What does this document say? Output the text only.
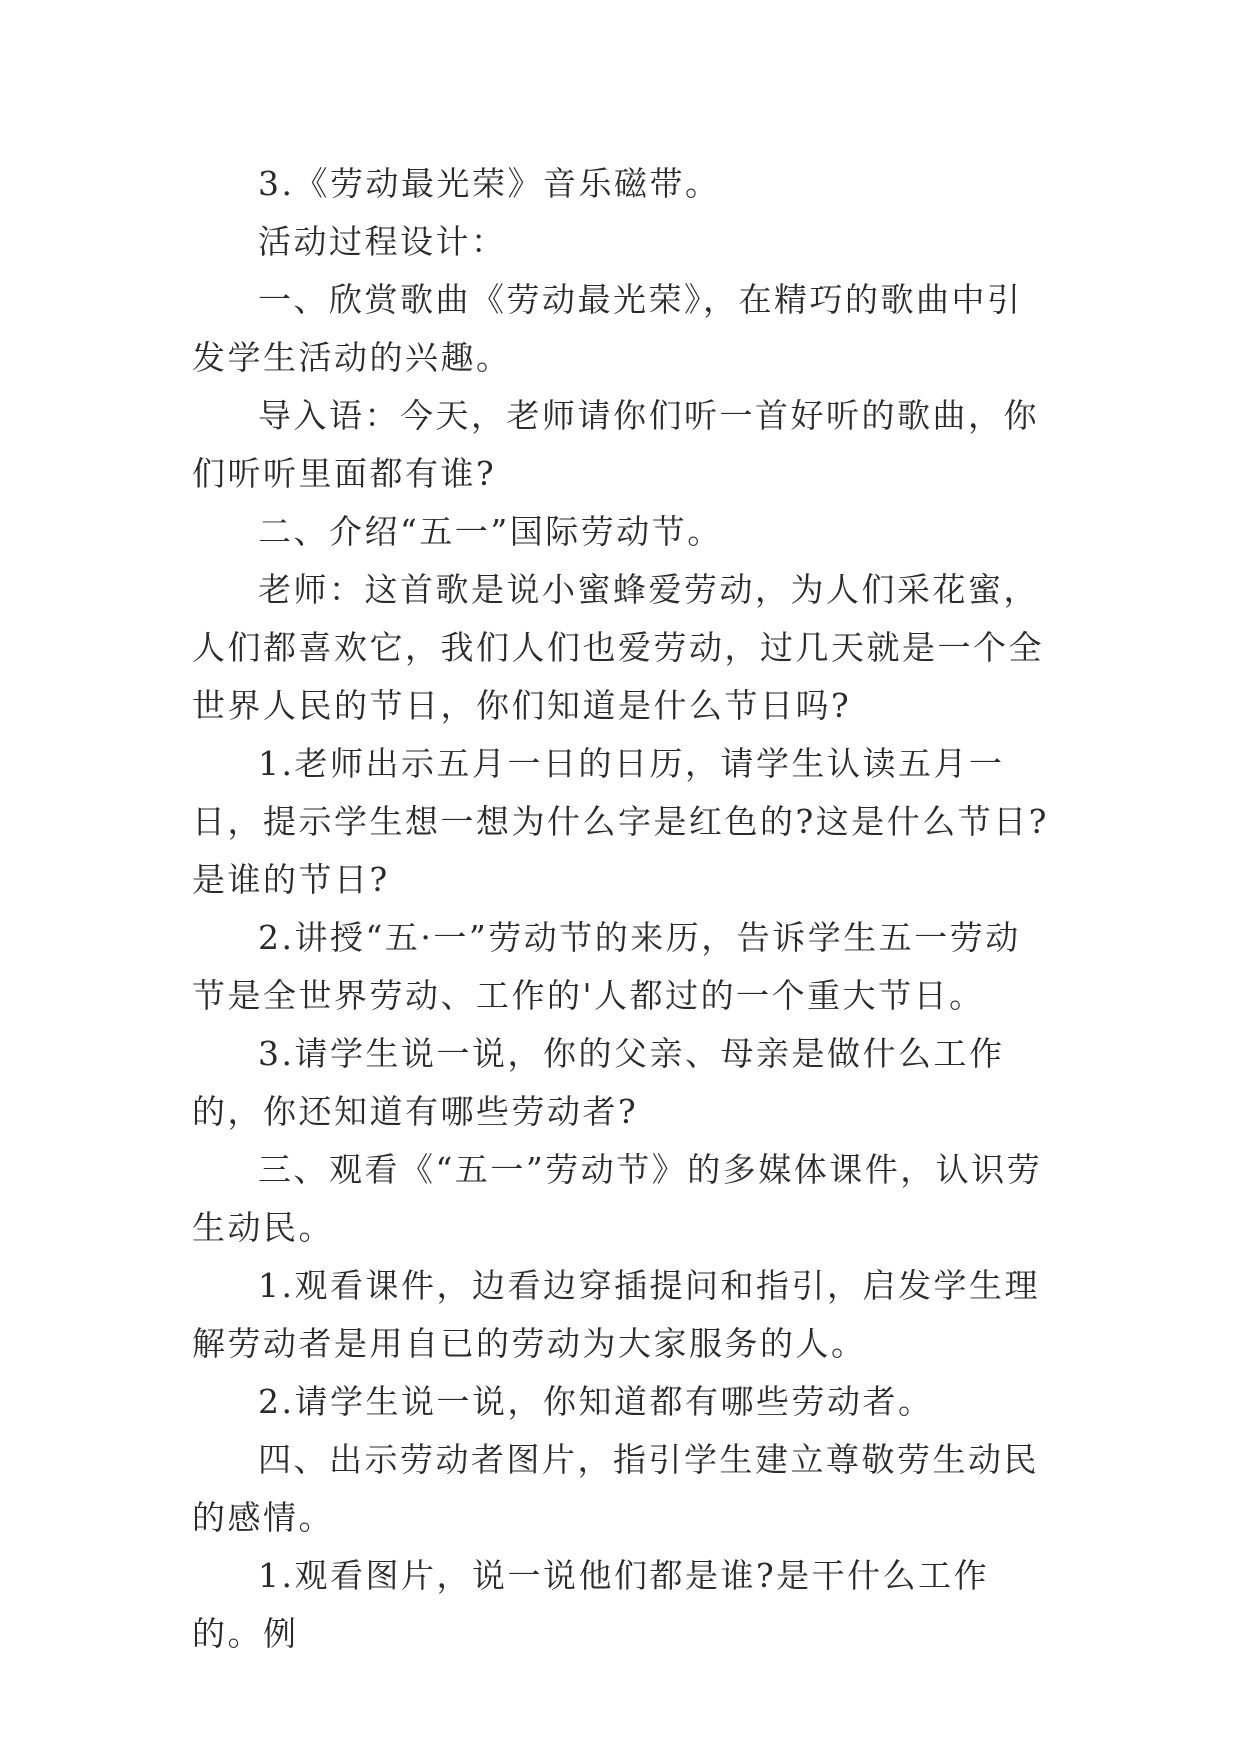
3.《劳动最光荣》音乐磁带。

活动过程设计：

一、欣赏歌曲《劳动最光荣》，在精巧的歌曲中引发学生活动的兴趣。

导入语：今天，老师请你们听一首好听的歌曲，你们听听里面都有谁?

二、介绍“五一”国际劳动节。

老师：这首歌是说小蜜蜂爱劳动，为人们采花蜜，人们都喜欢它，我们人们也爱劳动，过几天就是一个全世界人民的节日，你们知道是什么节日吗?

1.老师出示五月一日的日历，请学生认读五月一日，提示学生想一想为什么字是红色的?这是什么节日?是谁的节日?

2.讲授“五·一”劳动节的来历，告诉学生五一劳动节是全世界劳动、工作的'人都过的一个重大节日。

3.请学生说一说，你的父亲、母亲是做什么工作的，你还知道有哪些劳动者?

三、观看《“五一”劳动节》的多媒体课件，认识劳生动民。

1.观看课件，边看边穿插提问和指引，启发学生理解劳动者是用自已的劳动为大家服务的人。

2.请学生说一说，你知道都有哪些劳动者。

四、出示劳动者图片，指引学生建立尊敬劳生动民的感情。

1.观看图片，说一说他们都是谁?是干什么工作的。例
